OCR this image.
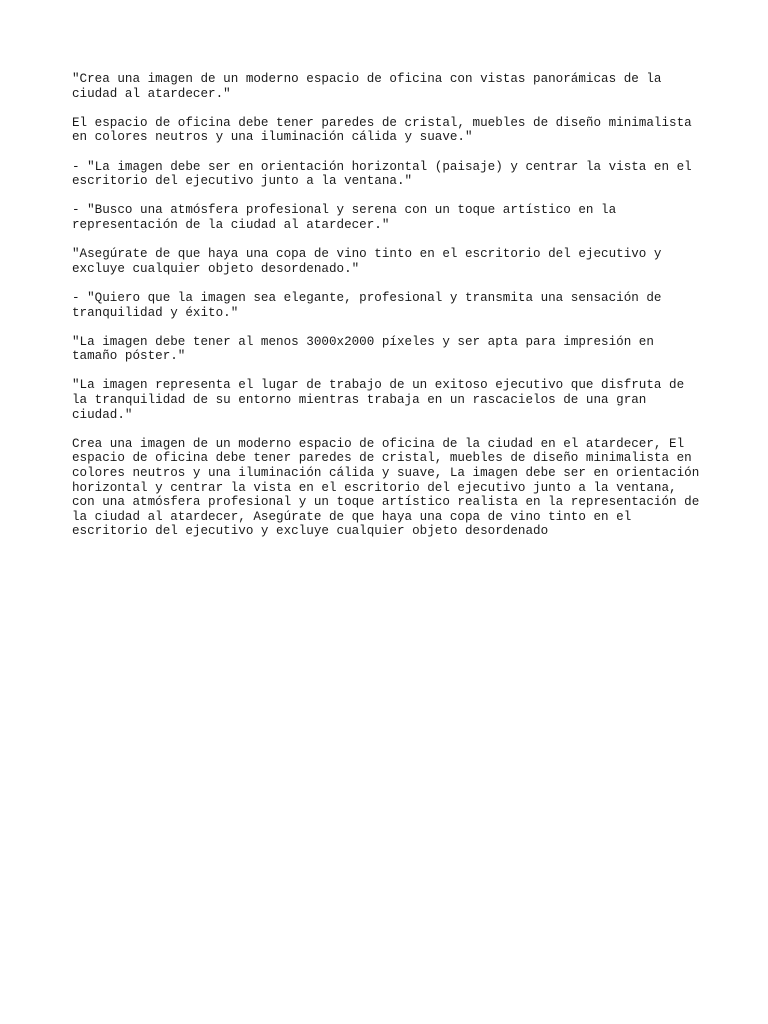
"Crea una imagen de un moderno espacio de oficina con vistas panorámicas de la
ciudad al atardecer."

El espacio de oficina debe tener paredes de cristal, muebles de diseño minimalista
en colores neutros y una iluminación cálida y suave."

- "La imagen debe ser en orientación horizontal (paisaje) y centrar la vista en el
escritorio del ejecutivo junto a la ventana."

- "Busco una atmósfera profesional y serena con un toque artístico en la
representación de la ciudad al atardecer."

"Asegúrate de que haya una copa de vino tinto en el escritorio del ejecutivo y
excluye cualquier objeto desordenado."

- "Quiero que la imagen sea elegante, profesional y transmita una sensación de
tranquilidad y éxito."

"La imagen debe tener al menos 3000x2000 píxeles y ser apta para impresión en
tamaño póster."

"La imagen representa el lugar de trabajo de un exitoso ejecutivo que disfruta de
la tranquilidad de su entorno mientras trabaja en un rascacielos de una gran
ciudad."

Crea una imagen de un moderno espacio de oficina de la ciudad en el atardecer, El
espacio de oficina debe tener paredes de cristal, muebles de diseño minimalista en
colores neutros y una iluminación cálida y suave, La imagen debe ser en orientación
horizontal y centrar la vista en el escritorio del ejecutivo junto a la ventana,
con una atmósfera profesional y un toque artístico realista en la representación de
la ciudad al atardecer, Asegúrate de que haya una copa de vino tinto en el
escritorio del ejecutivo y excluye cualquier objeto desordenado
